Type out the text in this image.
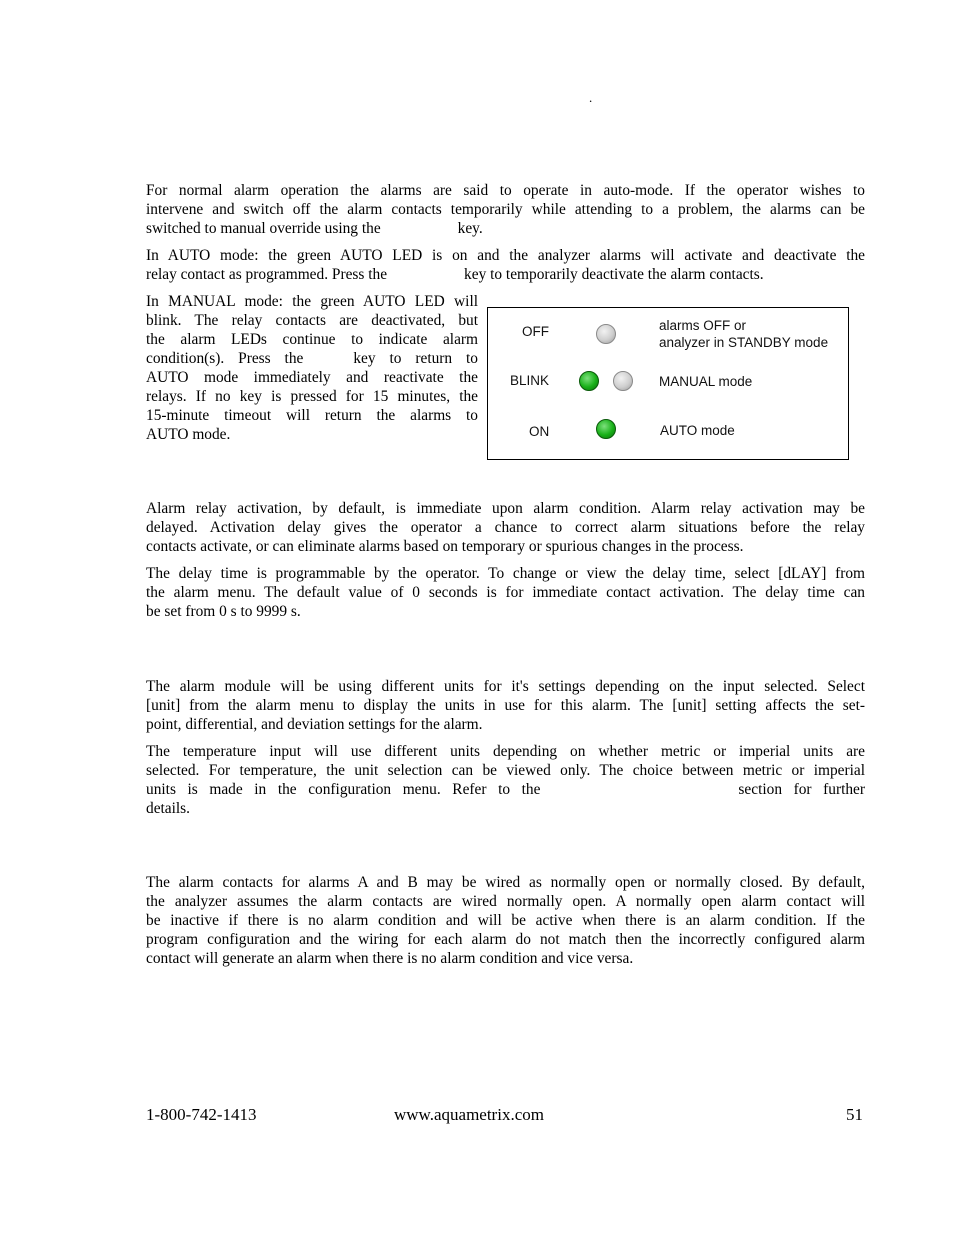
.
For normal alarm operation the alarms are said to operate in auto-mode. If the operator wishes to
intervene and switch off the alarm contacts temporarily while attending to a problem, the alarms can be
switched to manual override using the	key.
In AUTO mode: the green AUTO LED is on and the analyzer alarms will activate and deactivate the
relay contact as programmed. Press the	key to temporarily deactivate the alarm contacts.
In MANUAL mode: the green AUTO LED will
blink. The relay contacts are deactivated, but
the alarm LEDs continue to indicate alarm
condition(s). Press the	key to return to
AUTO mode immediately and reactivate the
relays. If no key is pressed for 15 minutes, the
15-minute timeout will return the alarms to
AUTO mode.
OFF	alarms OFF or
analyzer in STANDBY mode
BLINK	MANUAL mode
ON	AUTO mode
Alarm relay activation, by default, is immediate upon alarm condition. Alarm relay activation may be
delayed. Activation delay gives the operator a chance to correct alarm situations before the relay
contacts activate, or can eliminate alarms based on temporary or spurious changes in the process.
The delay time is programmable by the operator. To change or view the delay time, select [dLAY] from
the alarm menu. The default value of 0 seconds is for immediate contact activation. The delay time can
be set from 0 s to 9999 s.
The alarm module will be using different units for it's settings depending on the input selected. Select
[unit] from the alarm menu to display the units in use for this alarm. The [unit] setting affects the set-
point, differential, and deviation settings for the alarm.
The temperature input will use different units depending on whether metric or imperial units are
selected. For temperature, the unit selection can be viewed only. The choice between metric or imperial
units is made in the configuration menu. Refer to the	section for further
details.
The alarm contacts for alarms A and B may be wired as normally open or normally closed. By default,
the analyzer assumes the alarm contacts are wired normally open. A normally open alarm contact will
be inactive if there is no alarm condition and will be active when there is an alarm condition. If the
program configuration and the wiring for each alarm do not match then the incorrectly configured alarm
contact will generate an alarm when there is no alarm condition and vice versa.
1-800-742-1413	www.aquametrix.com	51
